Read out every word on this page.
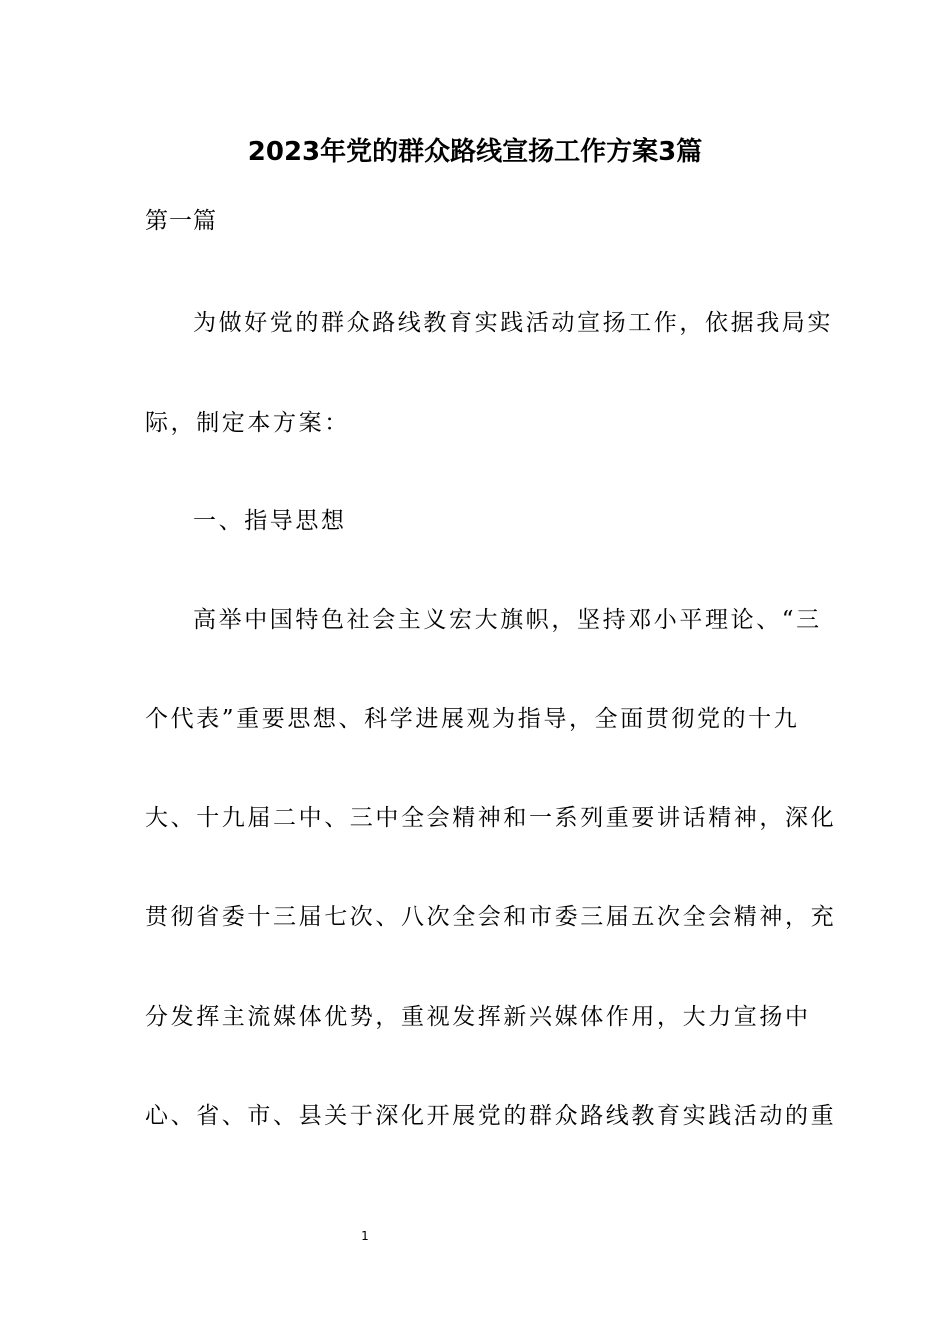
2023年党的群众路线宣扬工作方案3篇
第一篇
为做好党的群众路线教育实践活动宣扬工作，依据我局实
际，制定本方案：
一、指导思想
高举中国特色社会主义宏大旗帜，坚持邓小平理论、“三
个代表”重要思想、科学进展观为指导，全面贯彻党的十九
大、十九届二中、三中全会精神和一系列重要讲话精神，深化
贯彻省委十三届七次、八次全会和市委三届五次全会精神，充
分发挥主流媒体优势，重视发挥新兴媒体作用，大力宣扬中
心、省、市、县关于深化开展党的群众路线教育实践活动的重
1
